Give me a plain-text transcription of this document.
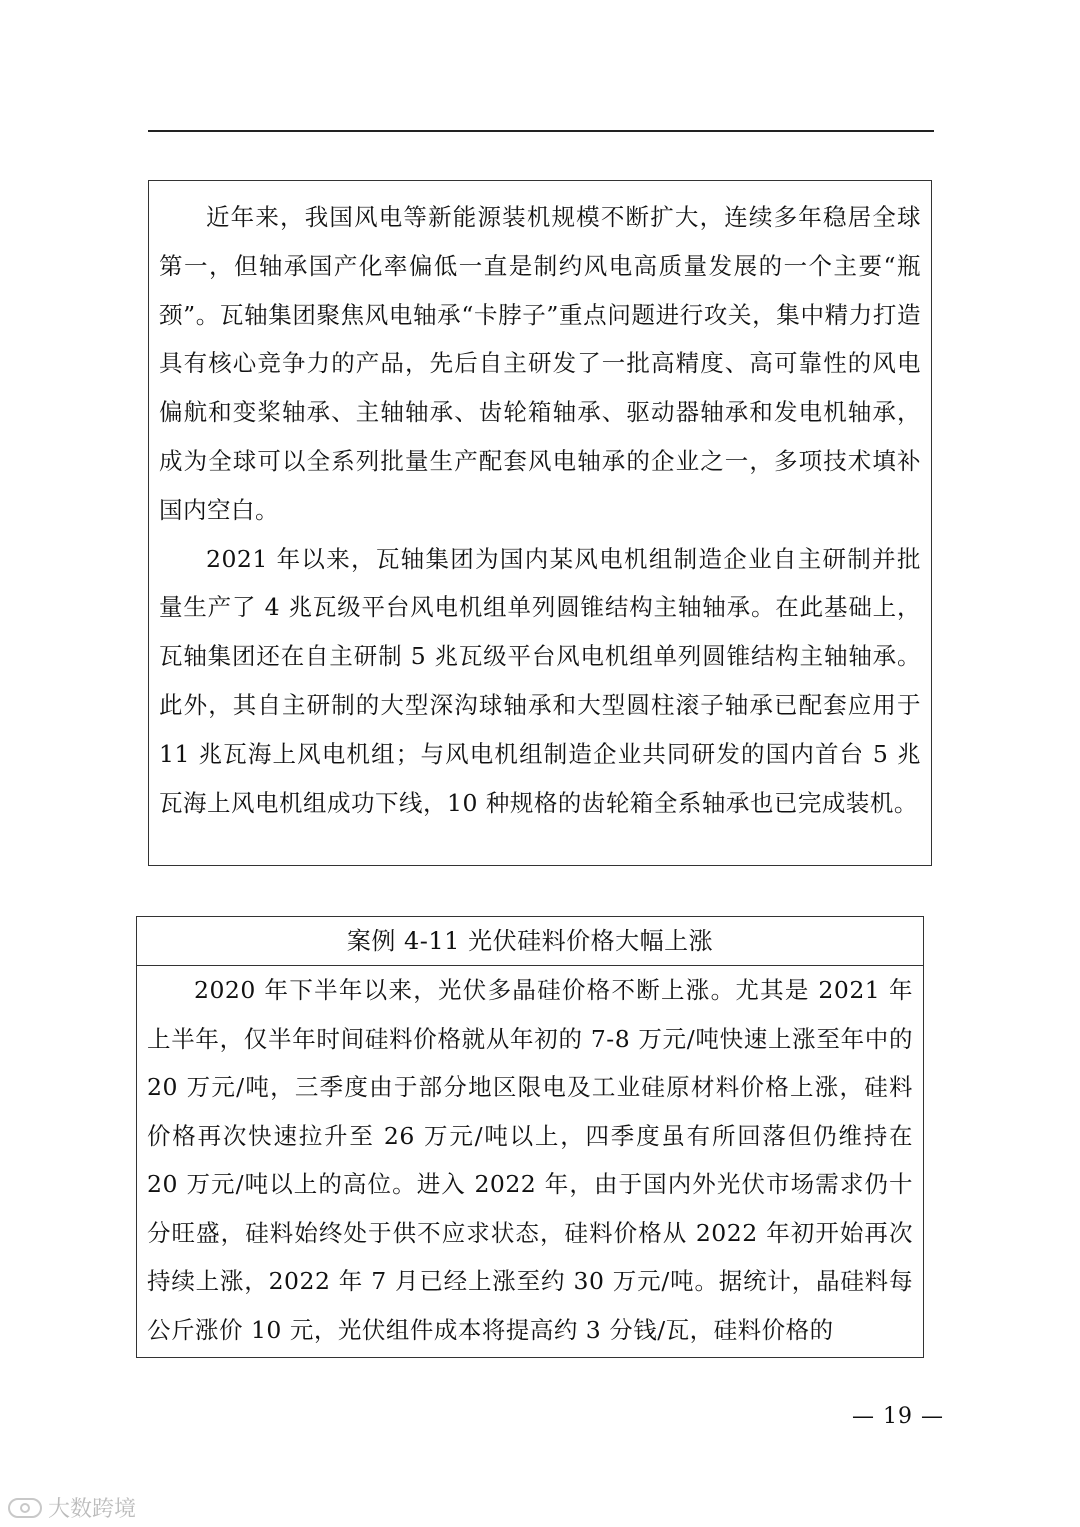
近年来，我国风电等新能源装机规模不断扩大，连续多年稳居全球第一，但轴承国产化率偏低一直是制约风电高质量发展的一个主要“瓶颈”。瓦轴集团聚焦风电轴承“卡脖子”重点问题进行攻关，集中精力打造具有核心竞争力的产品，先后自主研发了一批高精度、高可靠性的风电偏航和变桨轴承、主轴轴承、齿轮箱轴承、驱动器轴承和发电机轴承，成为全球可以全系列批量生产配套风电轴承的企业之一，多项技术填补国内空白。

2021 年以来，瓦轴集团为国内某风电机组制造企业自主研制并批量生产了 4 兆瓦级平台风电机组单列圆锥结构主轴轴承。在此基础上，瓦轴集团还在自主研制 5 兆瓦级平台风电机组单列圆锥结构主轴轴承。此外，其自主研制的大型深沟球轴承和大型圆柱滚子轴承已配套应用于 11 兆瓦海上风电机组；与风电机组制造企业共同研发的国内首台 5 兆瓦海上风电机组成功下线，10 种规格的齿轮箱全系轴承也已完成装机。

案例 4-11 光伏硅料价格大幅上涨

2020 年下半年以来，光伏多晶硅价格不断上涨。尤其是 2021 年上半年，仅半年时间硅料价格就从年初的 7-8 万元/吨快速上涨至年中的 20 万元/吨，三季度由于部分地区限电及工业硅原材料价格上涨，硅料价格再次快速拉升至 26 万元/吨以上，四季度虽有所回落但仍维持在 20 万元/吨以上的高位。进入 2022 年，由于国内外光伏市场需求仍十分旺盛，硅料始终处于供不应求状态，硅料价格从 2022 年初开始再次持续上涨，2022 年 7 月已经上涨至约 30 万元/吨。据统计，晶硅料每公斤涨价 10 元，光伏组件成本将提高约 3 分钱/瓦，硅料价格的

— 19 —
大数跨境
